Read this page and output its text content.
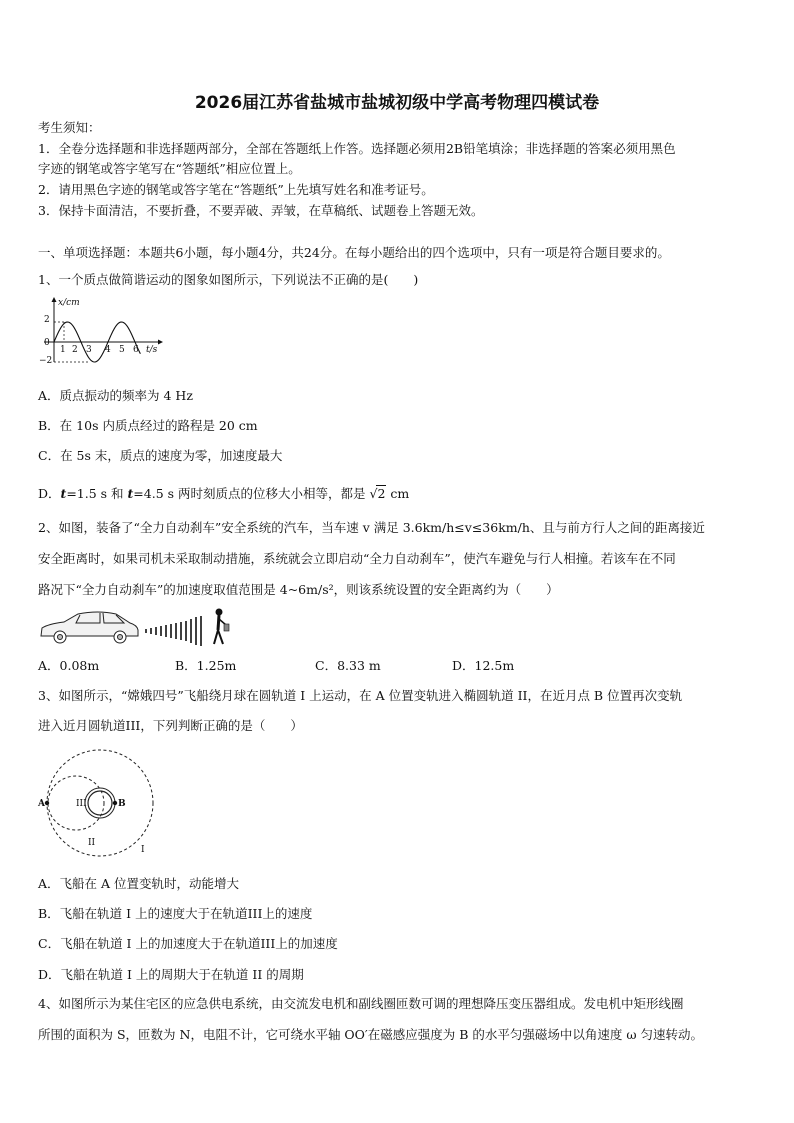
2026届江苏省盐城市盐城初级中学高考物理四模试卷
考生须知：
1．全卷分选择题和非选择题两部分，全部在答题纸上作答。选择题必须用2B铅笔填涂；非选择题的答案必须用黑色
字迹的钢笔或答字笔写在“答题纸”相应位置上。
2．请用黑色字迹的钢笔或答字笔在“答题纸”上先填写姓名和准考证号。
3．保持卡面清洁，不要折叠，不要弄破、弄皱，在草稿纸、试题卷上答题无效。
一、单项选择题：本题共6小题，每小题4分，共24分。在每小题给出的四个选项中，只有一项是符合题目要求的。
1、一个质点做简谐运动的图象如图所示，下列说法不正确的是(　　)
x/cm
t/s
2
0
−2
1 2 3 4 5 6
A．质点振动的频率为 4 Hz
B．在 10s 内质点经过的路程是 20 cm
C．在 5s 末，质点的速度为零，加速度最大
D．t=1.5 s 和 t=4.5 s 两时刻质点的位移大小相等，都是 √2 cm
2、如图，装备了“全力自动刹车”安全系统的汽车，当车速 v 满足 3.6km/h≤v≤36km/h、且与前方行人之间的距离接近
安全距离时，如果司机未采取制动措施，系统就会立即启动“全力自动刹车”，使汽车避免与行人相撞。若该车在不同
路况下“全力自动刹车”的加速度取值范围是 4~6m/s²，则该系统设置的安全距离约为（　　）
A．0.08m	B．1.25m	C．8.33 m	D．12.5m
3、如图所示，“嫦娥四号”飞船绕月球在圆轨道 I 上运动，在 A 位置变轨进入椭圆轨道 II，在近月点 B 位置再次变轨
进入近月圆轨道III，下列判断正确的是（　　）
A	B
III
II
I
A．飞船在 A 位置变轨时，动能增大
B．飞船在轨道 I 上的速度大于在轨道III上的速度
C．飞船在轨道 I 上的加速度大于在轨道III上的加速度
D．飞船在轨道 I 上的周期大于在轨道 II 的周期
4、如图所示为某住宅区的应急供电系统，由交流发电机和副线圈匝数可调的理想降压变压器组成。发电机中矩形线圈
所围的面积为 S，匝数为 N，电阻不计，它可绕水平轴 OO′在磁感应强度为 B 的水平匀强磁场中以角速度 ω 匀速转动。
